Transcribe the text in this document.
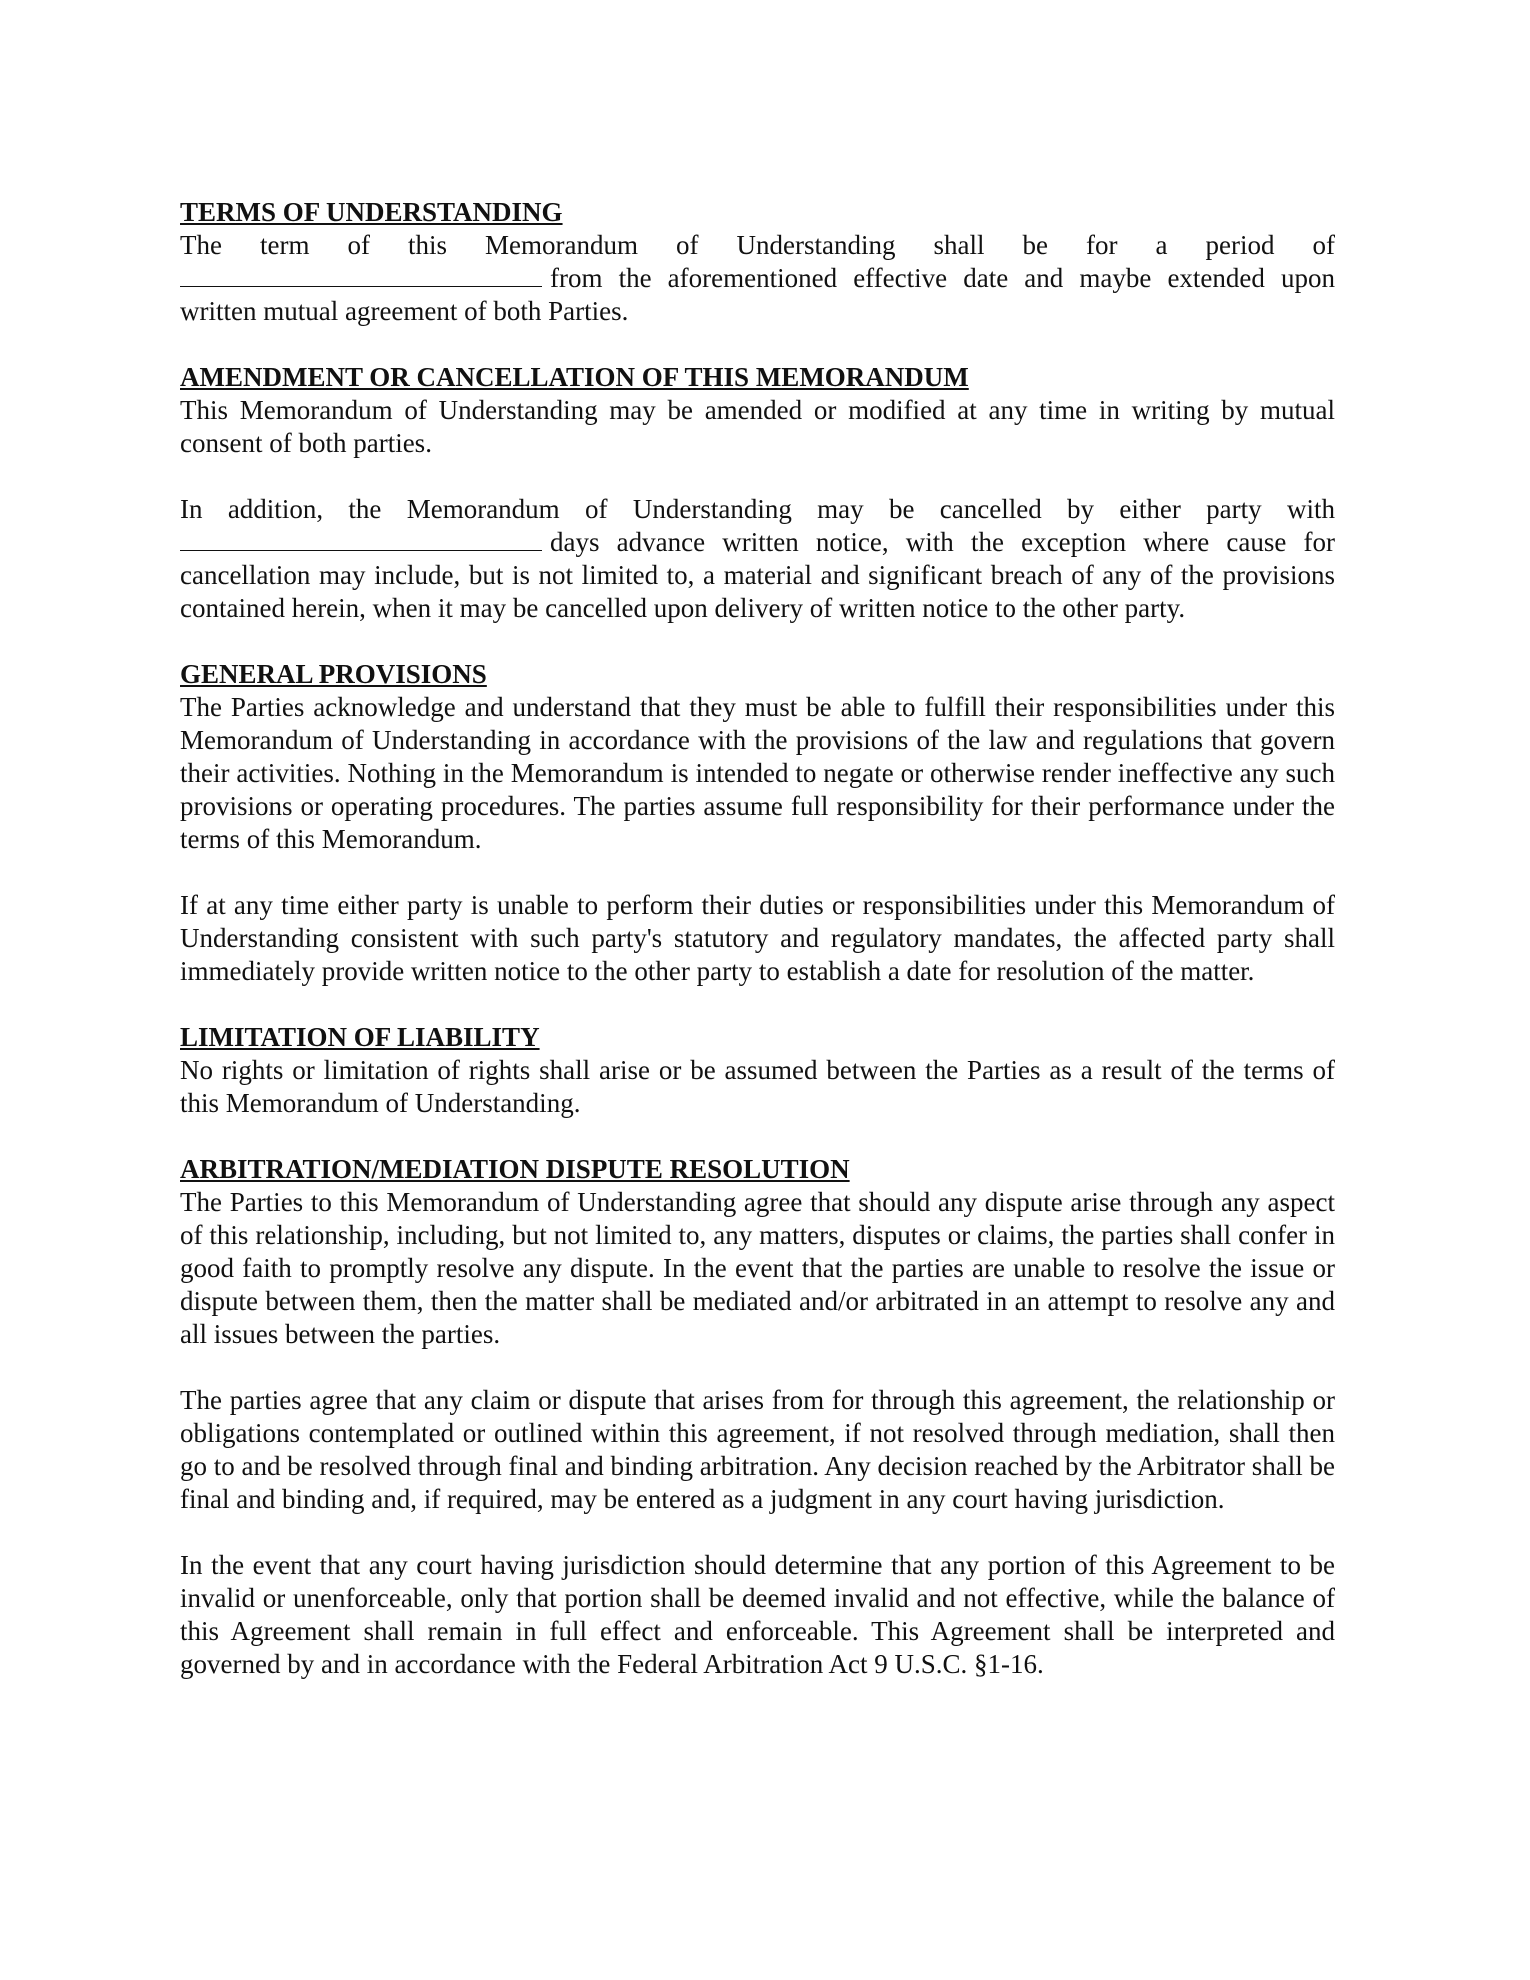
TERMS OF UNDERSTANDING

The term of this Memorandum of Understanding shall be for a period of

from the aforementioned effective date and maybe extended upon

written mutual agreement of both Parties.

AMENDMENT OR CANCELLATION OF THIS MEMORANDUM

This Memorandum of Understanding may be amended or modified at any time in writing by mutual consent of both parties.

In addition, the Memorandum of Understanding may be cancelled by either party with

days advance written notice, with the exception where cause for

cancellation may include, but is not limited to, a material and significant breach of any of the provisions contained herein, when it may be cancelled upon delivery of written notice to the other party.

GENERAL PROVISIONS

The Parties acknowledge and understand that they must be able to fulfill their responsibilities under this Memorandum of Understanding in accordance with the provisions of the law and regulations that govern their activities. Nothing in the Memorandum is intended to negate or otherwise render ineffective any such provisions or operating procedures. The parties assume full responsibility for their performance under the terms of this Memorandum.

If at any time either party is unable to perform their duties or responsibilities under this Memorandum of Understanding consistent with such party's statutory and regulatory mandates, the affected party shall immediately provide written notice to the other party to establish a date for resolution of the matter.

LIMITATION OF LIABILITY

No rights or limitation of rights shall arise or be assumed between the Parties as a result of the terms of this Memorandum of Understanding.

ARBITRATION/MEDIATION DISPUTE RESOLUTION

The Parties to this Memorandum of Understanding agree that should any dispute arise through any aspect of this relationship, including, but not limited to, any matters, disputes or claims, the parties shall confer in good faith to promptly resolve any dispute. In the event that the parties are unable to resolve the issue or dispute between them, then the matter shall be mediated and/or arbitrated in an attempt to resolve any and all issues between the parties.

The parties agree that any claim or dispute that arises from for through this agreement, the relationship or obligations contemplated or outlined within this agreement, if not resolved through mediation, shall then go to and be resolved through final and binding arbitration. Any decision reached by the Arbitrator shall be final and binding and, if required, may be entered as a judgment in any court having jurisdiction.

In the event that any court having jurisdiction should determine that any portion of this Agreement to be invalid or unenforceable, only that portion shall be deemed invalid and not effective, while the balance of this Agreement shall remain in full effect and enforceable. This Agreement shall be interpreted and governed by and in accordance with the Federal Arbitration Act 9 U.S.C. §1-16.
